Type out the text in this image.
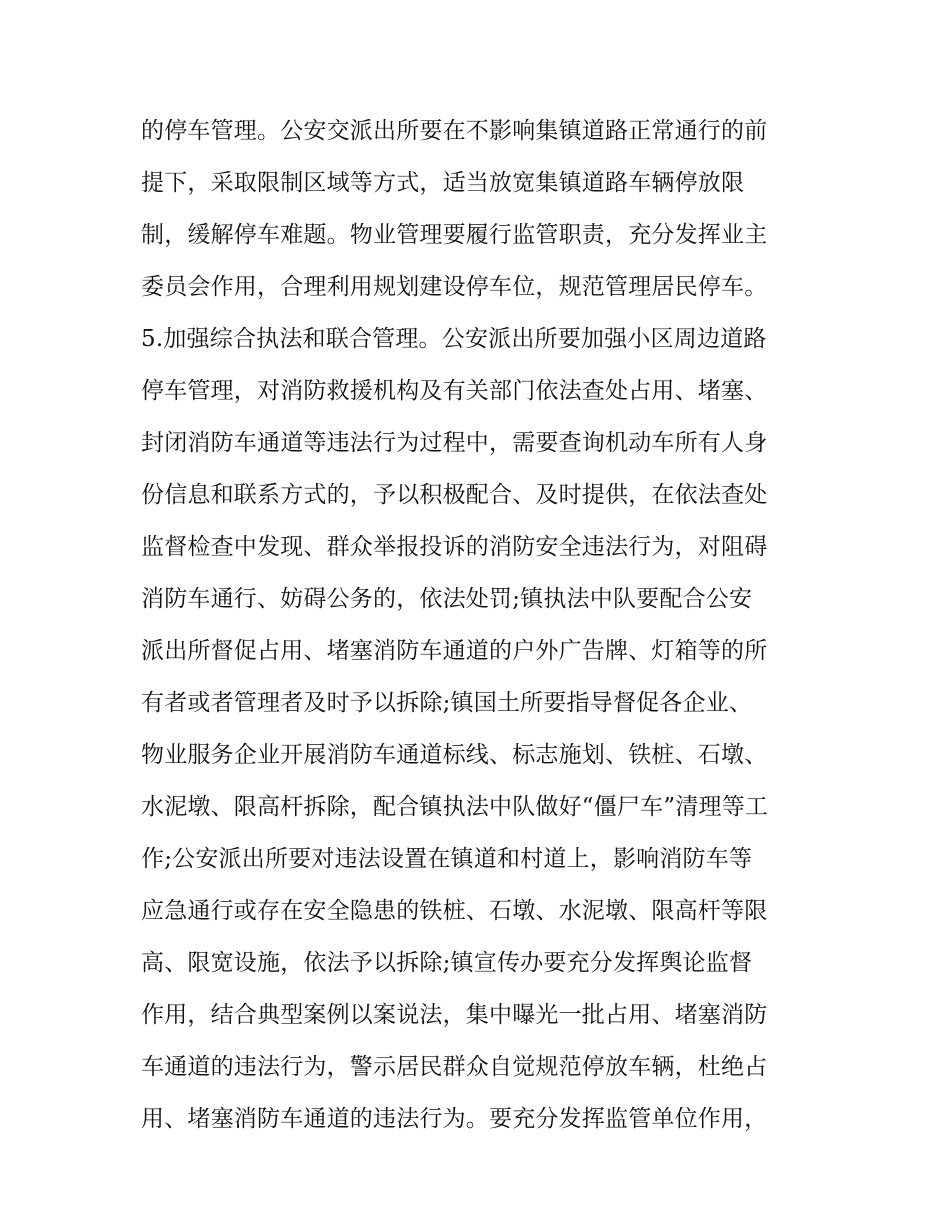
的停车管理。公安交派出所要在不影响集镇道路正常通行的前
提下，采取限制区域等方式，适当放宽集镇道路车辆停放限
制，缓解停车难题。物业管理要履行监管职责，充分发挥业主
委员会作用，合理利用规划建设停车位，规范管理居民停车。
5.加强综合执法和联合管理。公安派出所要加强小区周边道路
停车管理，对消防救援机构及有关部门依法查处占用、堵塞、
封闭消防车通道等违法行为过程中，需要查询机动车所有人身
份信息和联系方式的，予以积极配合、及时提供，在依法查处
监督检查中发现、群众举报投诉的消防安全违法行为，对阻碍
消防车通行、妨碍公务的，依法处罚;镇执法中队要配合公安
派出所督促占用、堵塞消防车通道的户外广告牌、灯箱等的所
有者或者管理者及时予以拆除;镇国土所要指导督促各企业、
物业服务企业开展消防车通道标线、标志施划、铁桩、石墩、
水泥墩、限高杆拆除，配合镇执法中队做好“僵尸车”清理等工
作;公安派出所要对违法设置在镇道和村道上，影响消防车等
应急通行或存在安全隐患的铁桩、石墩、水泥墩、限高杆等限
高、限宽设施，依法予以拆除;镇宣传办要充分发挥舆论监督
作用，结合典型案例以案说法，集中曝光一批占用、堵塞消防
车通道的违法行为，警示居民群众自觉规范停放车辆，杜绝占
用、堵塞消防车通道的违法行为。要充分发挥监管单位作用，
